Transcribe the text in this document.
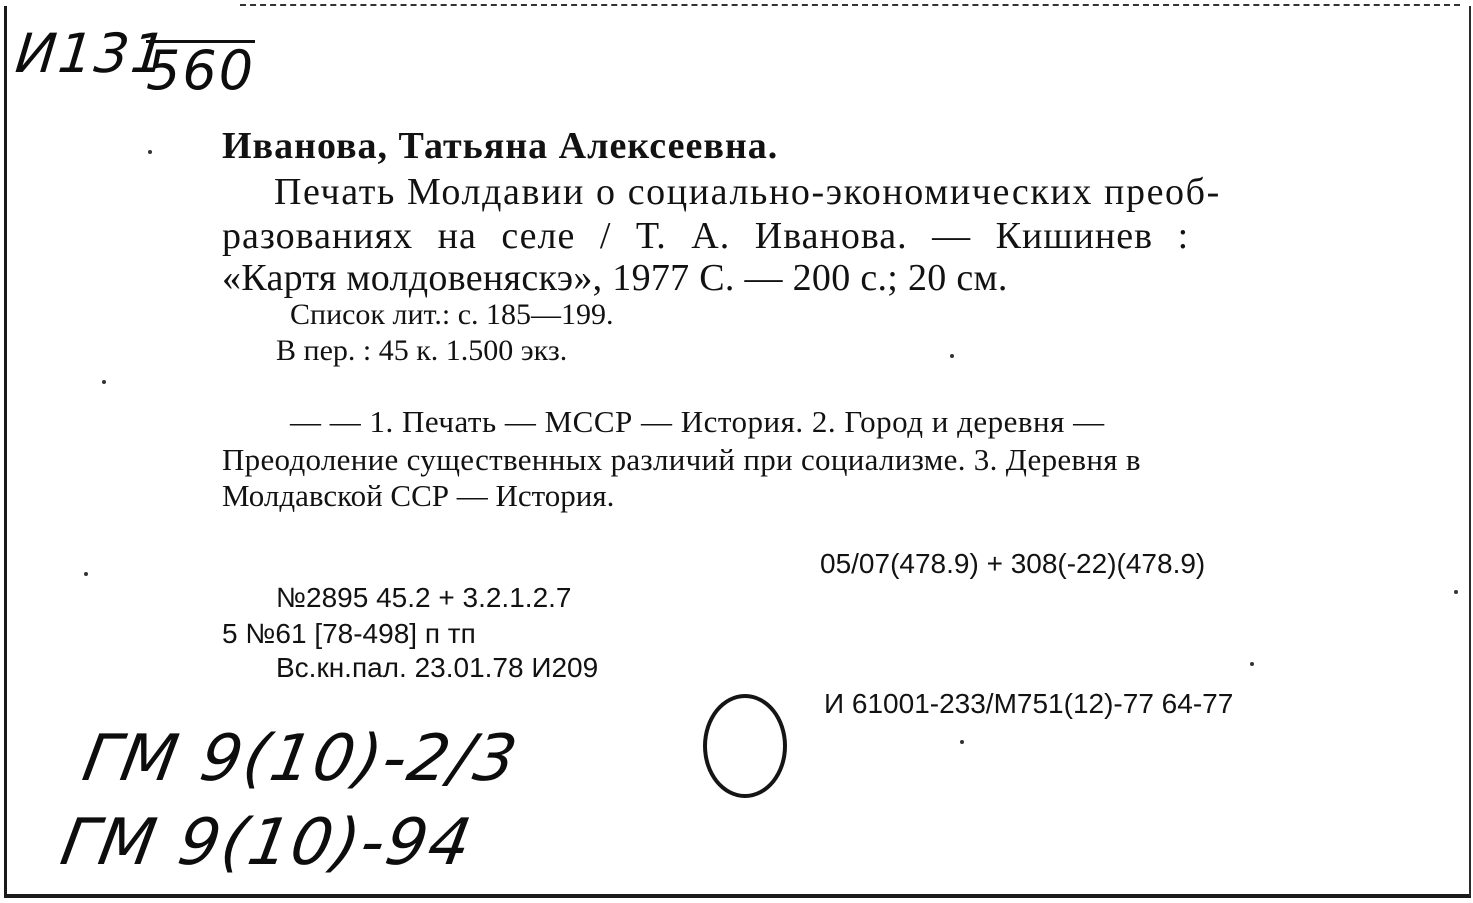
И131
560
Иванова, Татьяна Алексеевна.
Печать Молдавии о социально-экономических преоб-
разованиях на селе / Т. А. Иванова. — Кишинев :
«Картя молдовеняскэ», 1977 С. — 200 с.; 20 см.
Список лит.: с. 185—199.
В пер. : 45 к. 1.500 экз.
— — 1. Печать — МССР — История. 2. Город и деревня —
Преодоление существенных различий при социализме. 3. Деревня в
Молдавской ССР — История.
05/07(478.9) + 308(-22)(478.9)
№2895 45.2 + 3.2.1.2.7
5 №61 [78-498] п тп
Вс.кн.пал. 23.01.78 И209
И 61001-233/М751(12)-77 64-77
ГМ 9(10)-2/3
ГМ 9(10)-94
